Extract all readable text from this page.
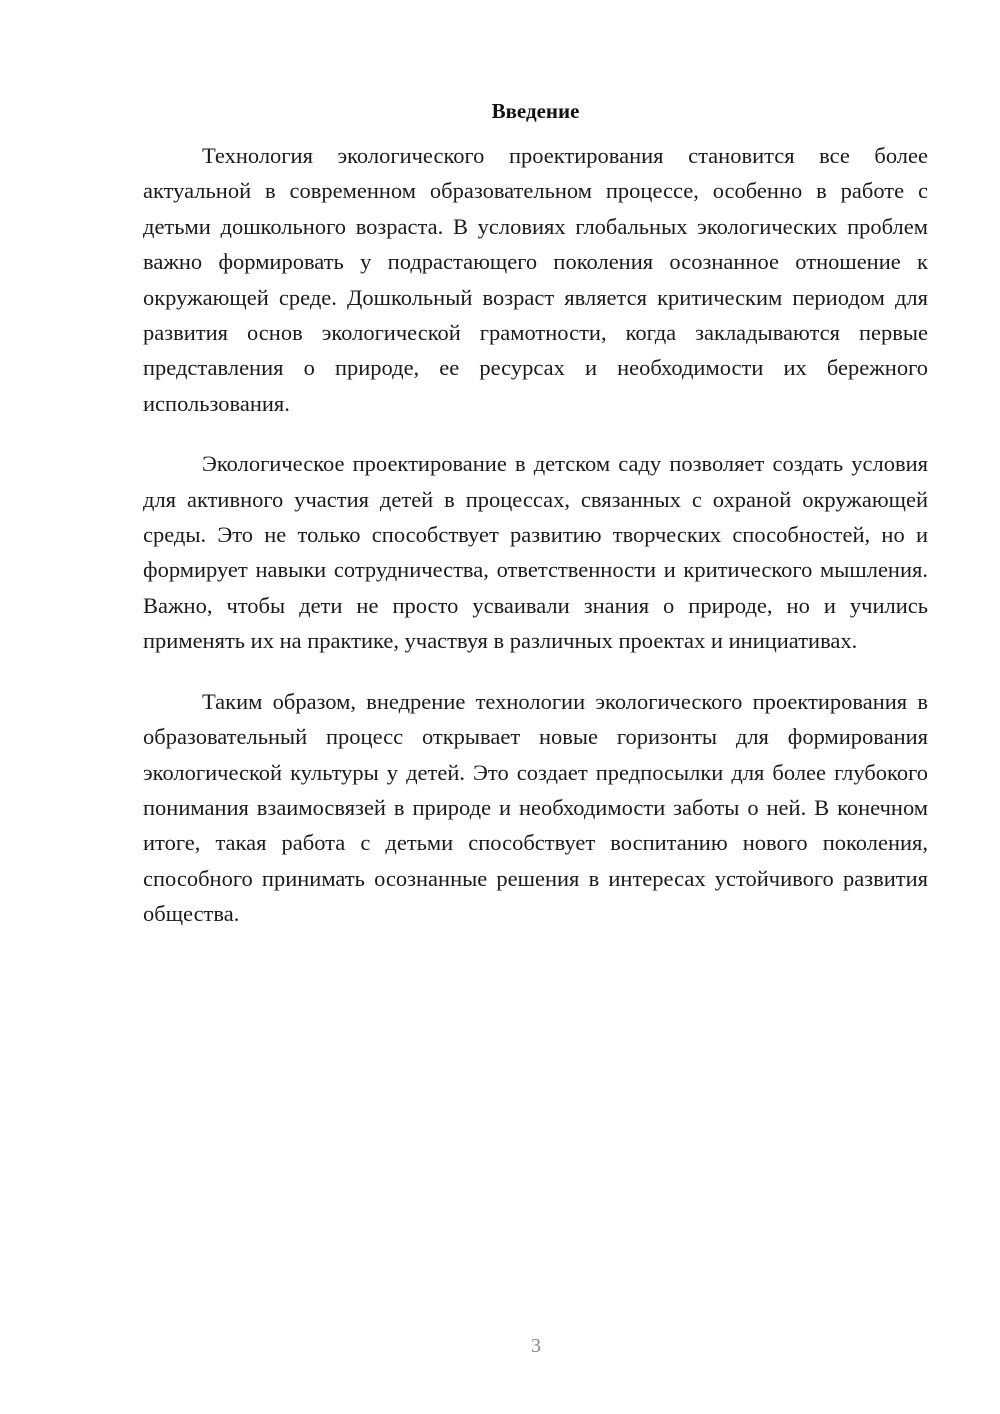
Введение

Технология экологического проектирования становится все более актуальной в современном образовательном процессе, особенно в работе с детьми дошкольного возраста. В условиях глобальных экологических проблем важно формировать у подрастающего поколения осознанное отношение к окружающей среде. Дошкольный возраст является критическим периодом для развития основ экологической грамотности, когда закладываются первые представления о природе, ее ресурсах и необходимости их бережного использования.

Экологическое проектирование в детском саду позволяет создать условия для активного участия детей в процессах, связанных с охраной окружающей среды. Это не только способствует развитию творческих способностей, но и формирует навыки сотрудничества, ответственности и критического мышления. Важно, чтобы дети не просто усваивали знания о природе, но и учились применять их на практике, участвуя в различных проектах и инициативах.

Таким образом, внедрение технологии экологического проектирования в образовательный процесс открывает новые горизонты для формирования экологической культуры у детей. Это создает предпосылки для более глубокого понимания взаимосвязей в природе и необходимости заботы о ней. В конечном итоге, такая работа с детьми способствует воспитанию нового поколения, способного принимать осознанные решения в интересах устойчивого развития общества.

3
